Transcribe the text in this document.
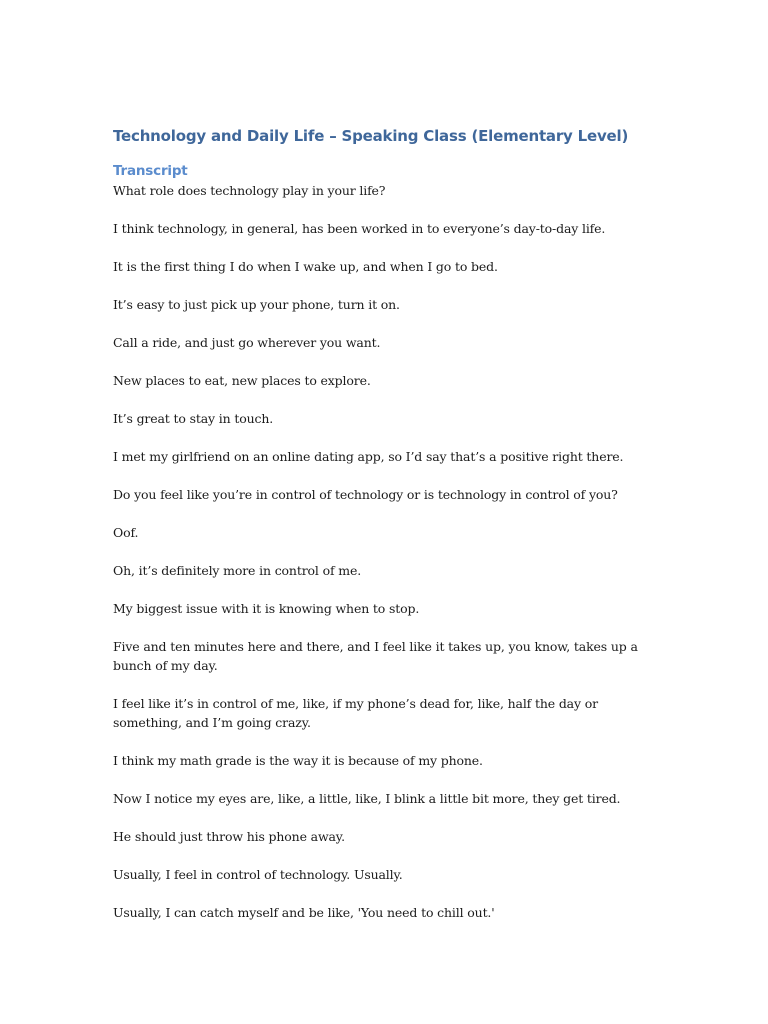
Technology and Daily Life – Speaking Class (Elementary Level)
Transcript

What role does technology play in your life?

I think technology, in general, has been worked in to everyone’s day-to-day life.

It is the first thing I do when I wake up, and when I go to bed.

It’s easy to just pick up your phone, turn it on.

Call a ride, and just go wherever you want.

New places to eat, new places to explore.

It’s great to stay in touch.

I met my girlfriend on an online dating app, so I’d say that’s a positive right there.

Do you feel like you’re in control of technology or is technology in control of you?

Oof.

Oh, it’s definitely more in control of me.

My biggest issue with it is knowing when to stop.

Five and ten minutes here and there, and I feel like it takes up, you know, takes up a bunch of my day.

I feel like it’s in control of me, like, if my phone’s dead for, like, half the day or something, and I’m going crazy.

I think my math grade is the way it is because of my phone.

Now I notice my eyes are, like, a little, like, I blink a little bit more, they get tired.

He should just throw his phone away.

Usually, I feel in control of technology. Usually.

Usually, I can catch myself and be like, 'You need to chill out.'
